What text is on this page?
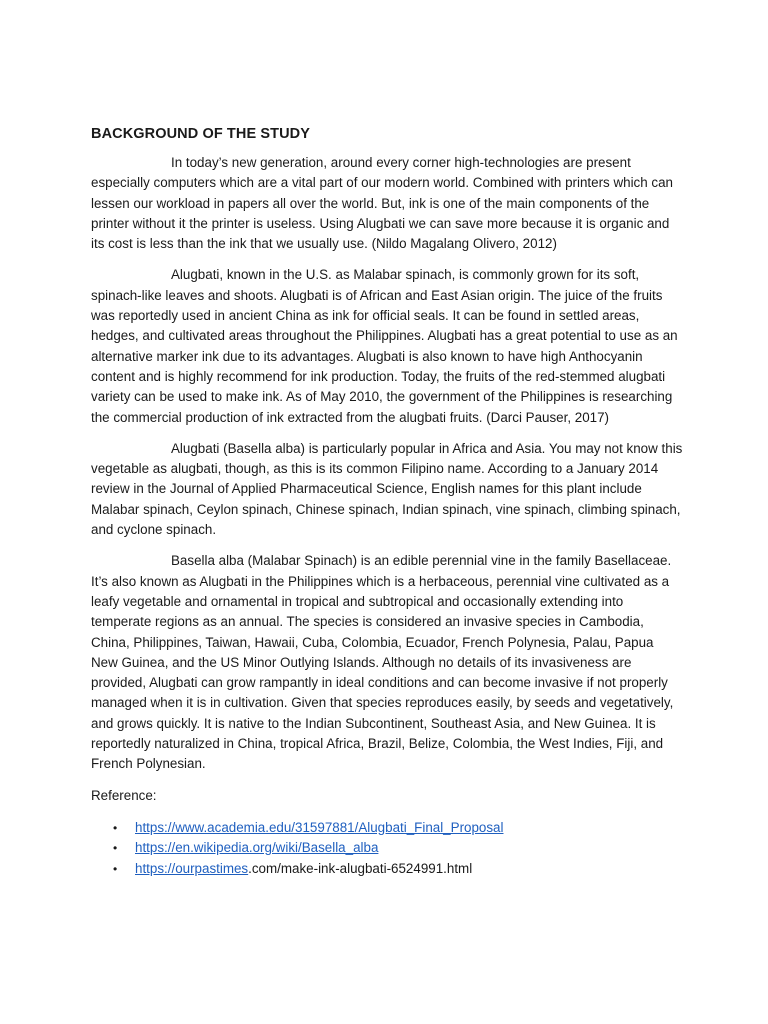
BACKGROUND OF THE STUDY

In today’s new generation, around every corner high-technologies are present especially computers which are a vital part of our modern world. Combined with printers which can lessen our workload in papers all over the world. But, ink is one of the main components of the printer without it the printer is useless. Using Alugbati we can save more because it is organic and its cost is less than the ink that we usually use. (Nildo Magalang Olivero, 2012)

Alugbati, known in the U.S. as Malabar spinach, is commonly grown for its soft, spinach-like leaves and shoots. Alugbati is of African and East Asian origin. The juice of the fruits was reportedly used in ancient China as ink for official seals. It can be found in settled areas, hedges, and cultivated areas throughout the Philippines. Alugbati has a great potential to use as an alternative marker ink due to its advantages. Alugbati is also known to have high Anthocyanin content and is highly recommend for ink production. Today, the fruits of the red-stemmed alugbati variety can be used to make ink. As of May 2010, the government of the Philippines is researching the commercial production of ink extracted from the alugbati fruits. (Darci Pauser, 2017)

Alugbati (Basella alba) is particularly popular in Africa and Asia. You may not know this vegetable as alugbati, though, as this is its common Filipino name. According to a January 2014 review in the Journal of Applied Pharmaceutical Science, English names for this plant include Malabar spinach, Ceylon spinach, Chinese spinach, Indian spinach, vine spinach, climbing spinach, and cyclone spinach.

Basella alba (Malabar Spinach) is an edible perennial vine in the family Basellaceae. It’s also known as Alugbati in the Philippines which is a herbaceous, perennial vine cultivated as a leafy vegetable and ornamental in tropical and subtropical and occasionally extending into temperate regions as an annual. The species is considered an invasive species in Cambodia, China, Philippines, Taiwan, Hawaii, Cuba, Colombia, Ecuador, French Polynesia, Palau, Papua New Guinea, and the US Minor Outlying Islands. Although no details of its invasiveness are provided, Alugbati can grow rampantly in ideal conditions and can become invasive if not properly managed when it is in cultivation. Given that species reproduces easily, by seeds and vegetatively, and grows quickly. It is native to the Indian Subcontinent, Southeast Asia, and New Guinea. It is reportedly naturalized in China, tropical Africa, Brazil, Belize, Colombia, the West Indies, Fiji, and French Polynesian.

Reference:
• https://www.academia.edu/31597881/Alugbati_Final_Proposal
• https://en.wikipedia.org/wiki/Basella_alba
• https://ourpastimes.com/make-ink-alugbati-6524991.html
